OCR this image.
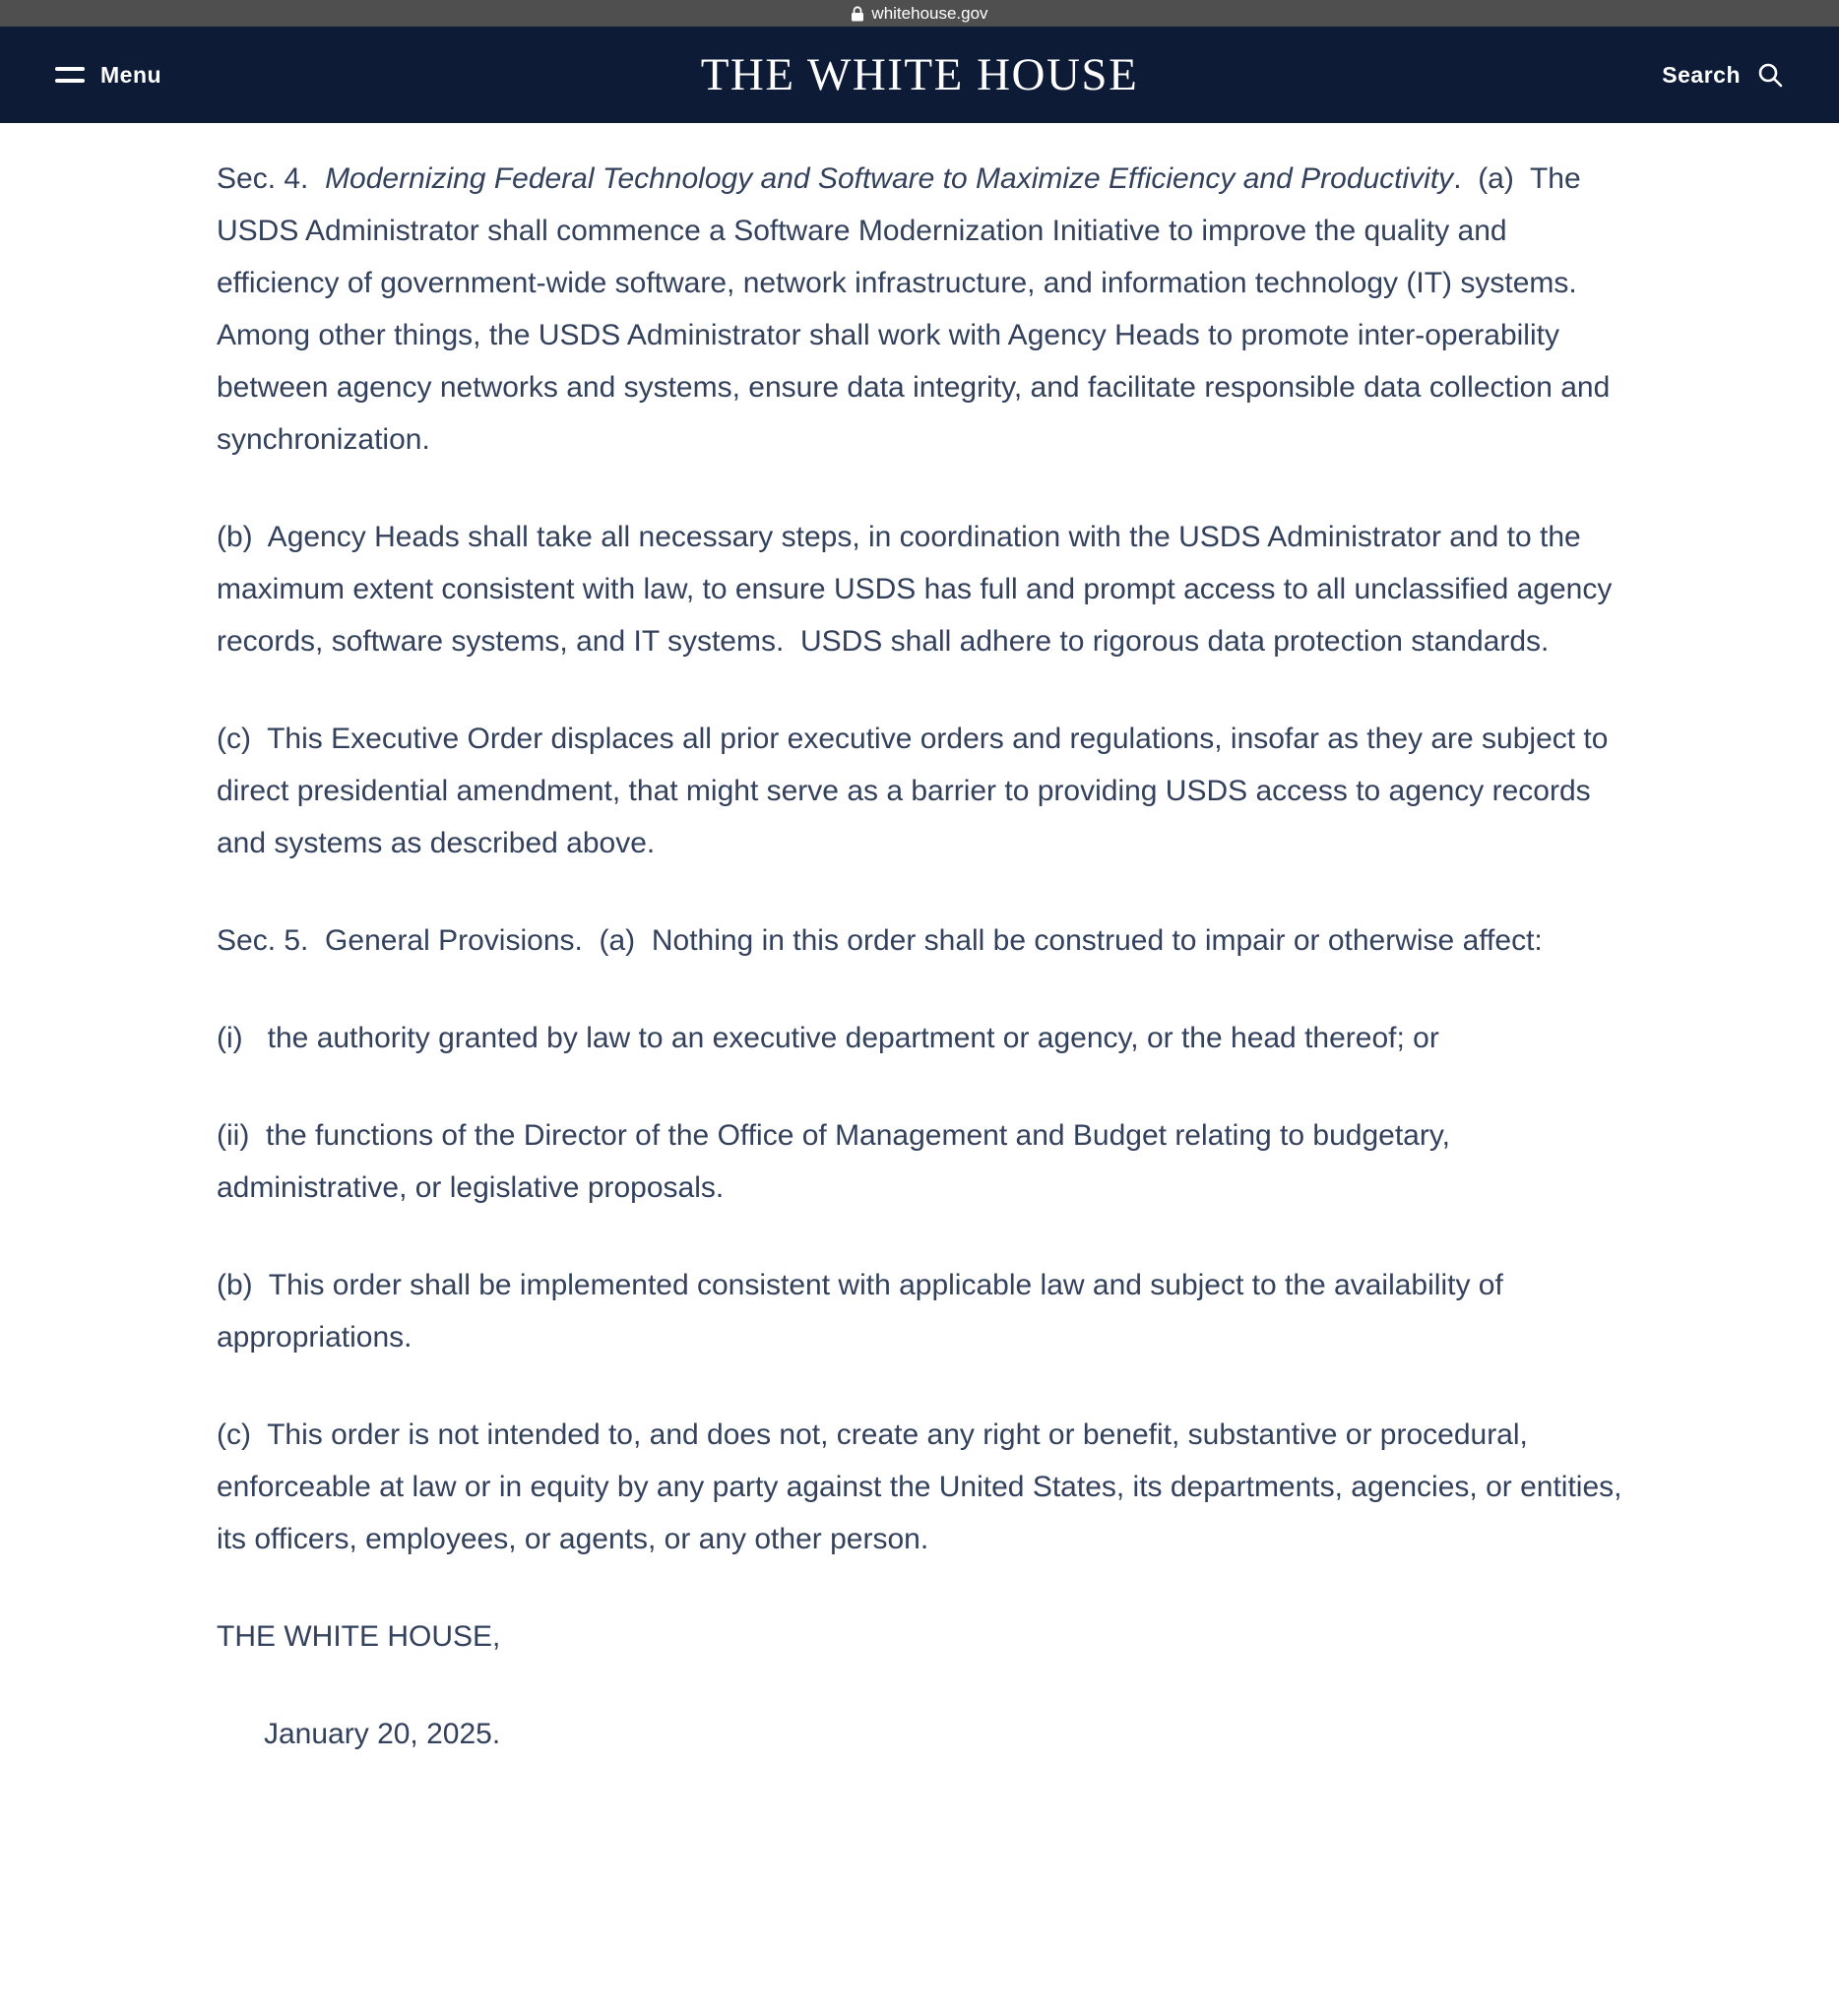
whitehouse.gov
Menu	THE WHITE HOUSE	Search

Sec. 4.  Modernizing Federal Technology and Software to Maximize Efficiency and Productivity.  (a)  The USDS Administrator shall commence a Software Modernization Initiative to improve the quality and efficiency of government-wide software, network infrastructure, and information technology (IT) systems.  Among other things, the USDS Administrator shall work with Agency Heads to promote inter-operability between agency networks and systems, ensure data integrity, and facilitate responsible data collection and synchronization.

(b)  Agency Heads shall take all necessary steps, in coordination with the USDS Administrator and to the maximum extent consistent with law, to ensure USDS has full and prompt access to all unclassified agency records, software systems, and IT systems.  USDS shall adhere to rigorous data protection standards.

(c)  This Executive Order displaces all prior executive orders and regulations, insofar as they are subject to direct presidential amendment, that might serve as a barrier to providing USDS access to agency records and systems as described above.

Sec. 5.  General Provisions.  (a)  Nothing in this order shall be construed to impair or otherwise affect:

(i)   the authority granted by law to an executive department or agency, or the head thereof; or

(ii)  the functions of the Director of the Office of Management and Budget relating to budgetary, administrative, or legislative proposals.

(b)  This order shall be implemented consistent with applicable law and subject to the availability of appropriations.

(c)  This order is not intended to, and does not, create any right or benefit, substantive or procedural, enforceable at law or in equity by any party against the United States, its departments, agencies, or entities, its officers, employees, or agents, or any other person.

THE WHITE HOUSE,

January 20, 2025.
